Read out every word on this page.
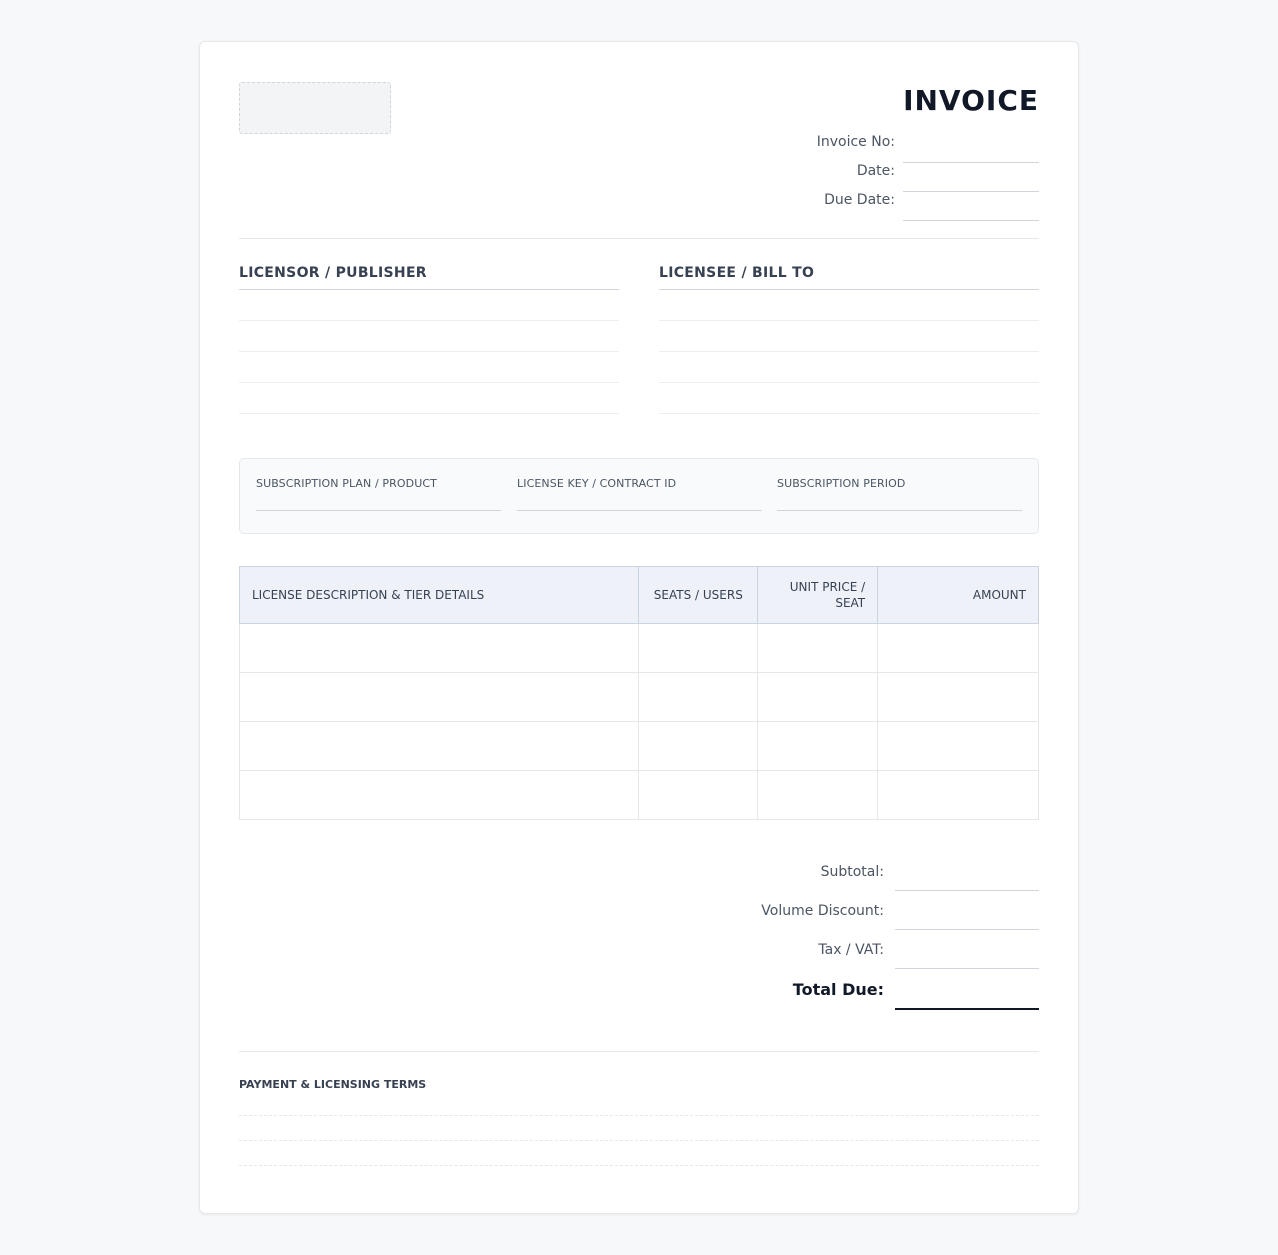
INVOICE
Invoice No:
Date:
Due Date:
LICENSOR / PUBLISHER	LICENSEE / BILL TO
SUBSCRIPTION PLAN / PRODUCT	LICENSE KEY / CONTRACT ID	SUBSCRIPTION PERIOD
LICENSE DESCRIPTION & TIER DETAILS	SEATS / USERS	UNIT PRICE / SEAT	AMOUNT

Subtotal:
Volume Discount:
Tax / VAT:
Total Due:
PAYMENT & LICENSING TERMS
